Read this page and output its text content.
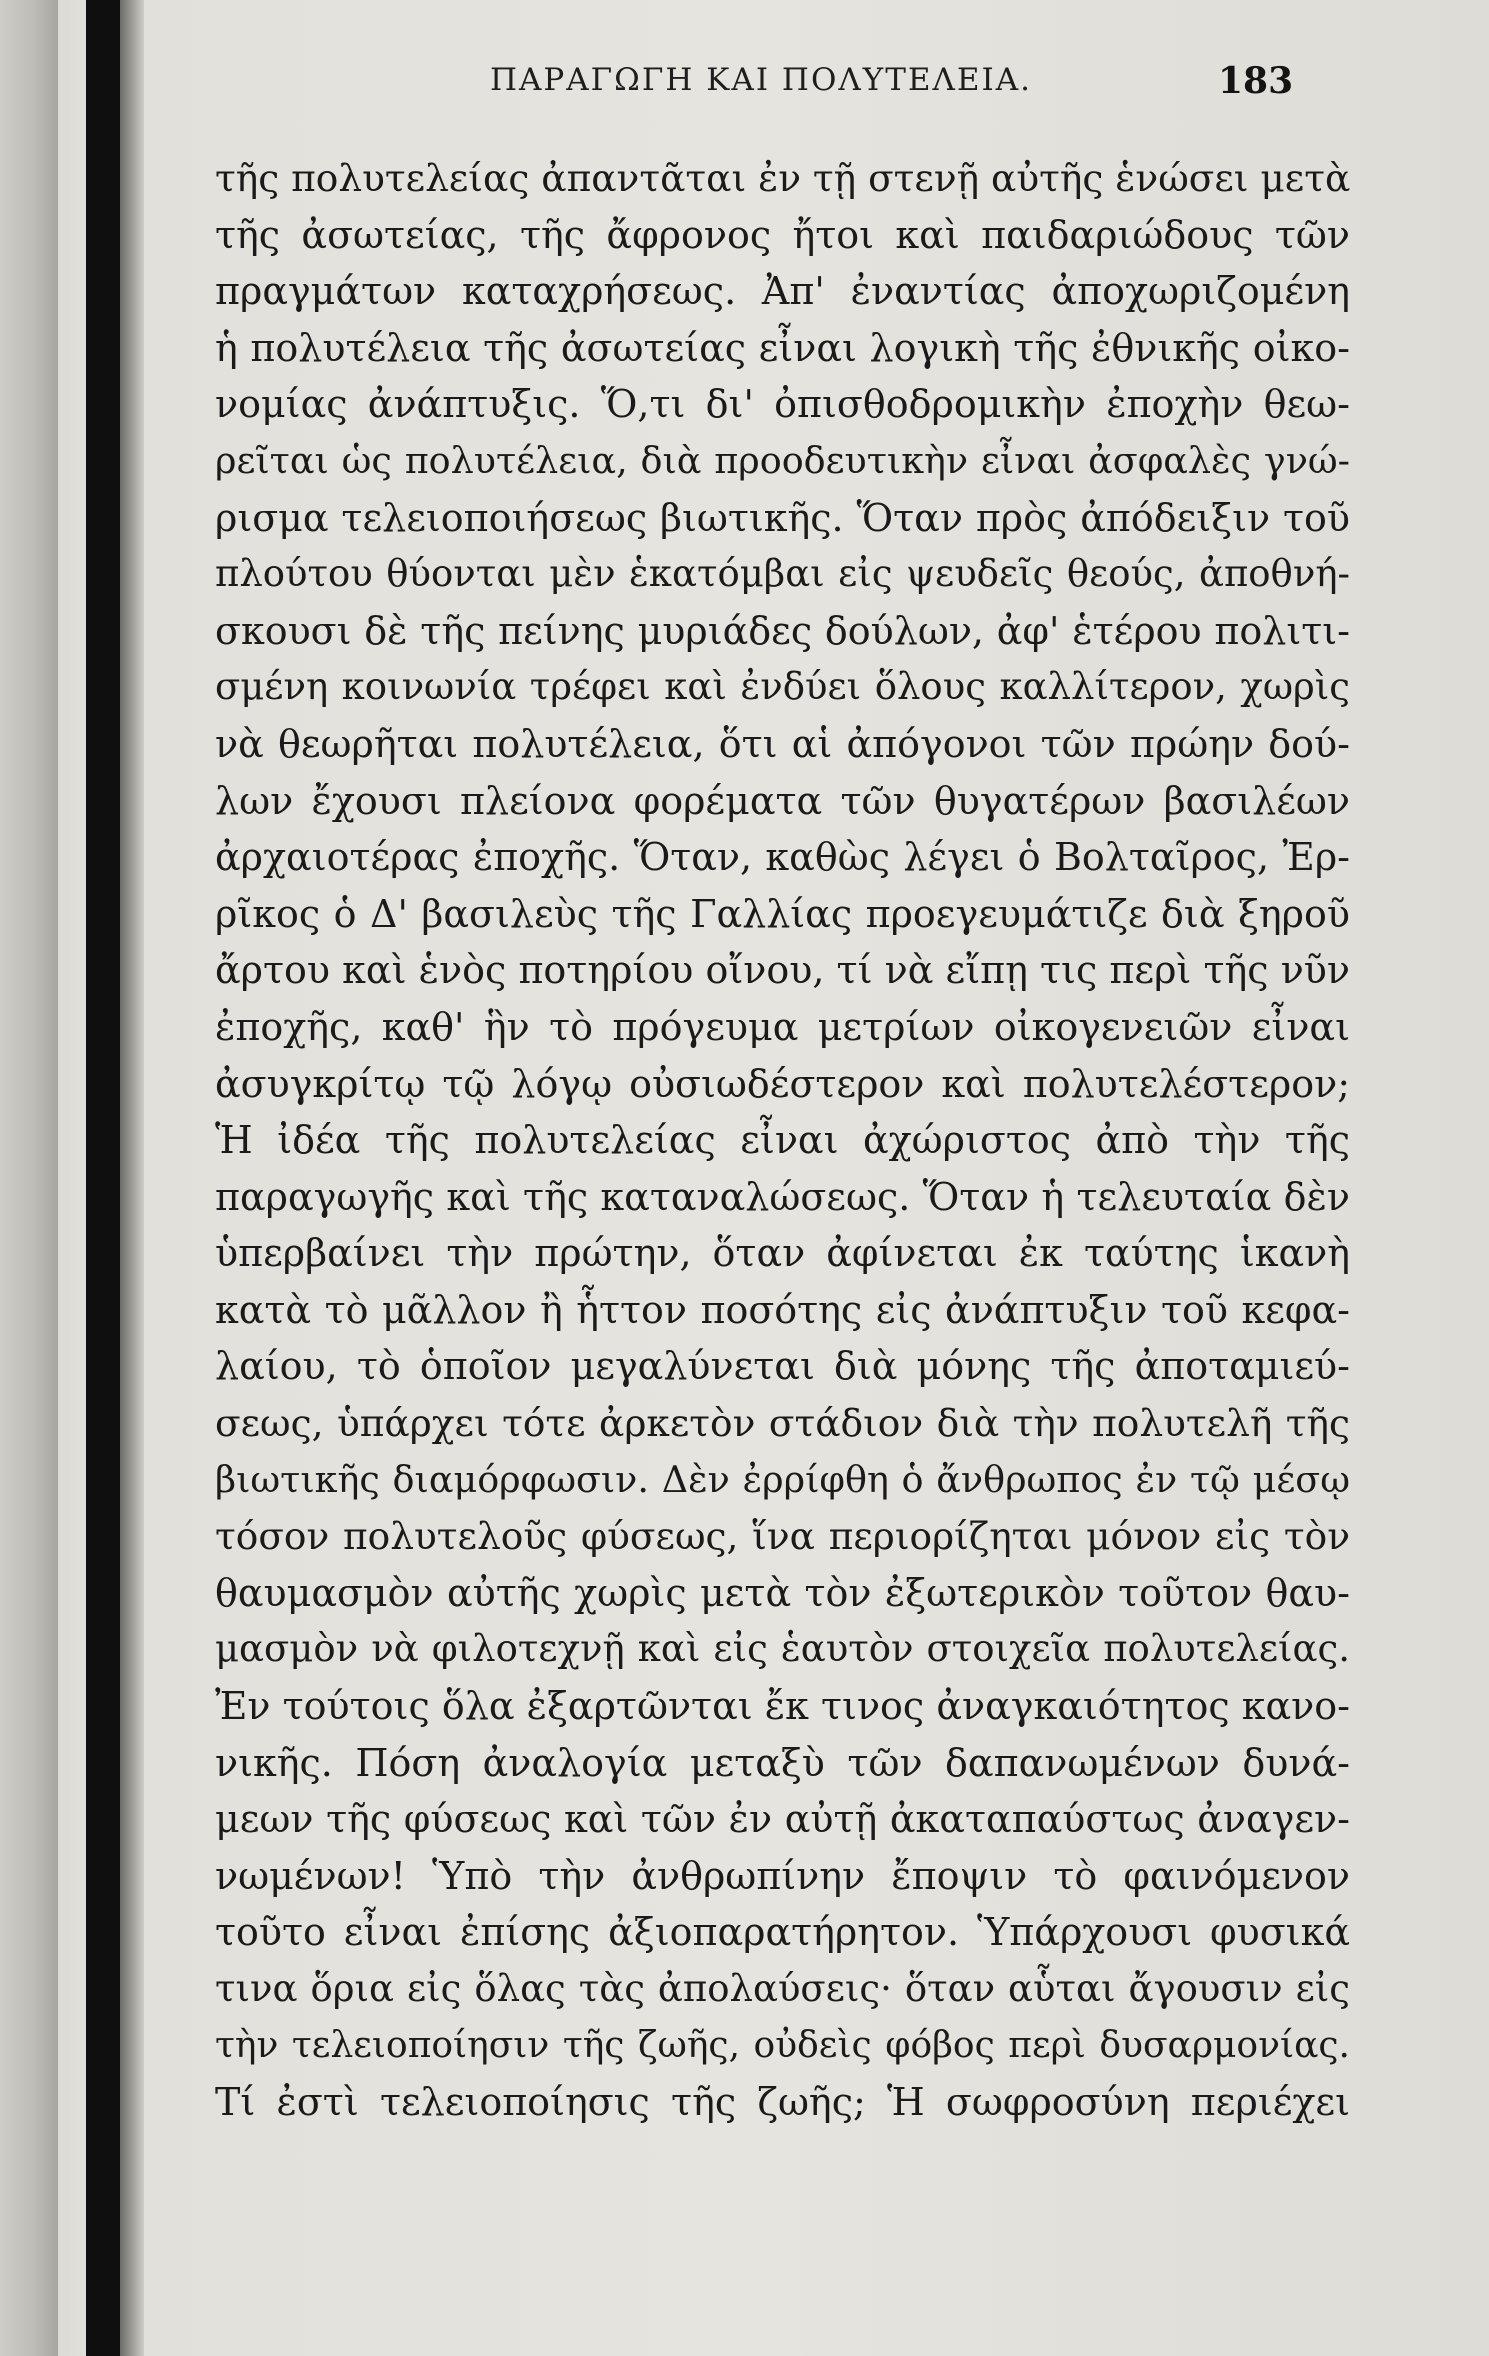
ΠΑΡΑΓΩΓΗ ΚΑΙ ΠΟΛΥΤΕΛΕΙΑ.	183
τῆς πολυτελείας ἀπαντᾶται ἐν τῇ στενῇ αὐτῆς ἑνώσει μετὰ
τῆς ἀσωτείας, τῆς ἄφρονος ἤτοι καὶ παιδαριώδους τῶν
πραγμάτων καταχρήσεως. Ἀπ' ἐναντίας ἀποχωριζομένη
ἡ πολυτέλεια τῆς ἀσωτείας εἶναι λογικὴ τῆς ἐθνικῆς οἰκο-
νομίας ἀνάπτυξις. Ὅ,τι δι' ὀπισθοδρομικὴν ἐποχὴν θεω-
ρεῖται ὡς πολυτέλεια, διὰ προοδευτικὴν εἶναι ἀσφαλὲς γνώ-
ρισμα τελειοποιήσεως βιωτικῆς. Ὅταν πρὸς ἀπόδειξιν τοῦ
πλούτου θύονται μὲν ἑκατόμβαι εἰς ψευδεῖς θεούς, ἀποθνή-
σκουσι δὲ τῆς πείνης μυριάδες δούλων, ἀφ' ἑτέρου πολιτι-
σμένη κοινωνία τρέφει καὶ ἐνδύει ὅλους καλλίτερον, χωρὶς
νὰ θεωρῆται πολυτέλεια, ὅτι αἱ ἀπόγονοι τῶν πρώην δού-
λων ἔχουσι πλείονα φορέματα τῶν θυγατέρων βασιλέων
ἀρχαιοτέρας ἐποχῆς. Ὅταν, καθὼς λέγει ὁ Βολταῖρος, Ἐρ-
ρῖκος ὁ Δ' βασιλεὺς τῆς Γαλλίας προεγευμάτιζε διὰ ξηροῦ
ἄρτου καὶ ἑνὸς ποτηρίου οἴνου, τί νὰ εἴπῃ τις περὶ τῆς νῦν
ἐποχῆς, καθ' ἣν τὸ πρόγευμα μετρίων οἰκογενειῶν εἶναι
ἀσυγκρίτῳ τῷ λόγῳ οὐσιωδέστερον καὶ πολυτελέστερον;
Ἡ ἰδέα τῆς πολυτελείας εἶναι ἀχώριστος ἀπὸ τὴν τῆς
παραγωγῆς καὶ τῆς καταναλώσεως. Ὅταν ἡ τελευταία δὲν
ὑπερβαίνει τὴν πρώτην, ὅταν ἀφίνεται ἐκ ταύτης ἱκανὴ
κατὰ τὸ μᾶλλον ἢ ἧττον ποσότης εἰς ἀνάπτυξιν τοῦ κεφα-
λαίου, τὸ ὁποῖον μεγαλύνεται διὰ μόνης τῆς ἀποταμιεύ-
σεως, ὑπάρχει τότε ἀρκετὸν στάδιον διὰ τὴν πολυτελῆ τῆς
βιωτικῆς διαμόρφωσιν. Δὲν ἐρρίφθη ὁ ἄνθρωπος ἐν τῷ μέσῳ
τόσον πολυτελοῦς φύσεως, ἵνα περιορίζηται μόνον εἰς τὸν
θαυμασμὸν αὐτῆς χωρὶς μετὰ τὸν ἐξωτερικὸν τοῦτον θαυ-
μασμὸν νὰ φιλοτεχνῇ καὶ εἰς ἑαυτὸν στοιχεῖα πολυτελείας.
Ἐν τούτοις ὅλα ἐξαρτῶνται ἔκ τινος ἀναγκαιότητος κανο-
νικῆς. Πόση ἀναλογία μεταξὺ τῶν δαπανωμένων δυνά-
μεων τῆς φύσεως καὶ τῶν ἐν αὐτῇ ἀκαταπαύστως ἀναγεν-
νωμένων! Ὑπὸ τὴν ἀνθρωπίνην ἔποψιν τὸ φαινόμενον
τοῦτο εἶναι ἐπίσης ἀξιοπαρατήρητον. Ὑπάρχουσι φυσικά
τινα ὅρια εἰς ὅλας τὰς ἀπολαύσεις· ὅταν αὗται ἄγουσιν εἰς
τὴν τελειοποίησιν τῆς ζωῆς, οὐδεὶς φόβος περὶ δυσαρμονίας.
Τί ἐστὶ τελειοποίησις τῆς ζωῆς; Ἡ σωφροσύνη περιέχει
